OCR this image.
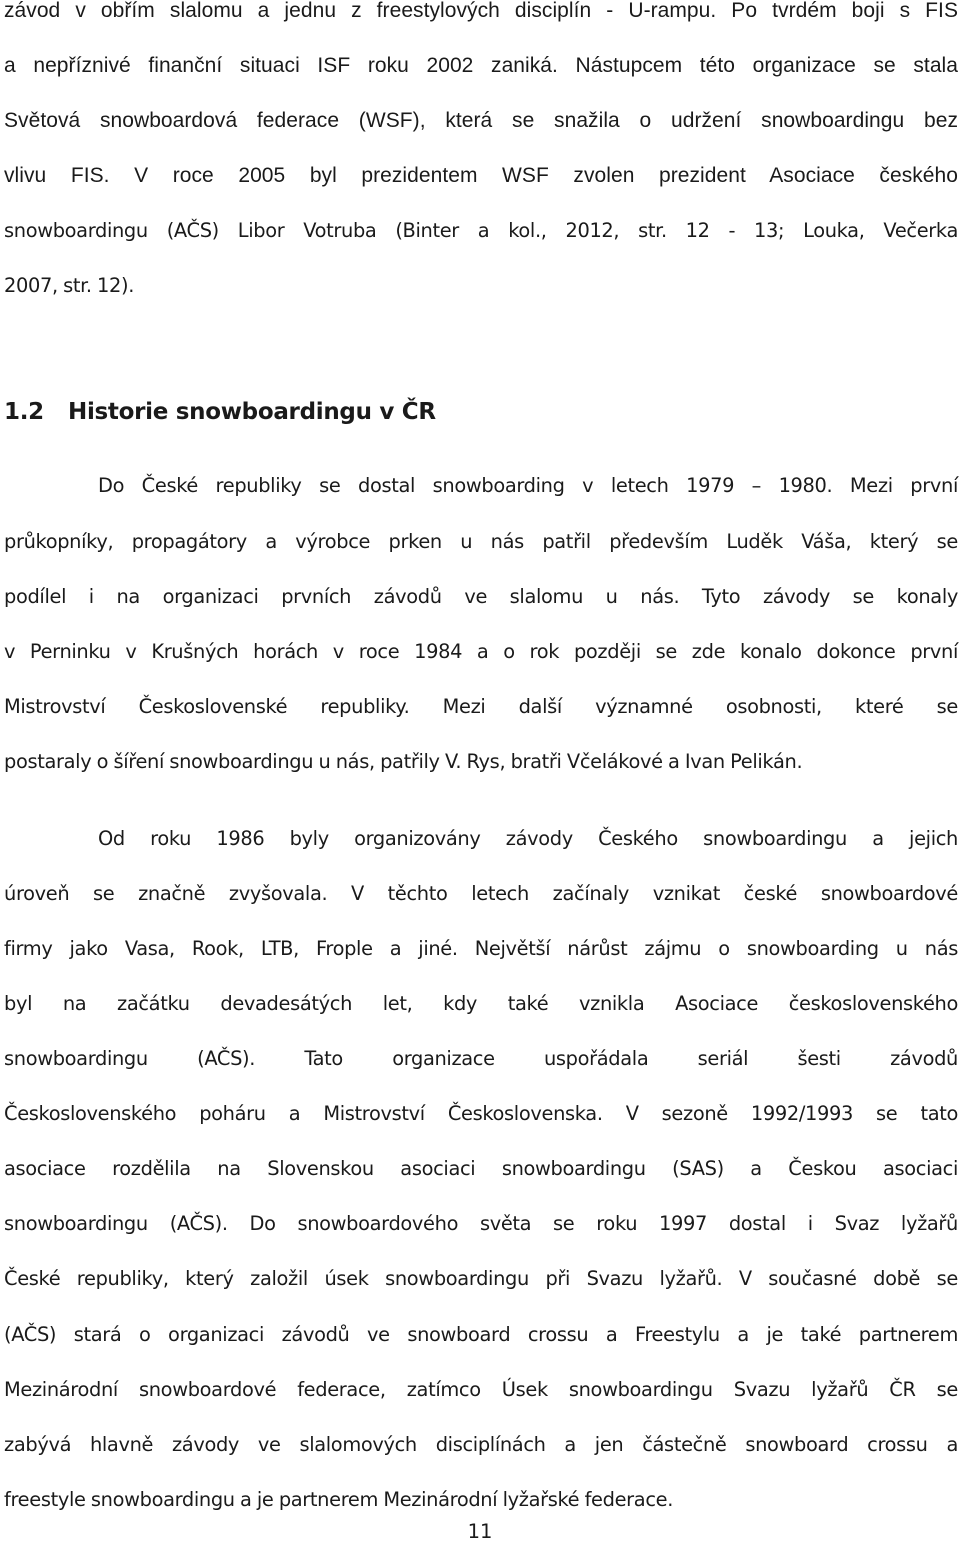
závod v obřím slalomu a jednu z freestylových disciplín - U-rampu. Po tvrdém boji s FIS
a nepříznivé finanční situaci ISF roku 2002 zaniká. Nástupcem této organizace se stala
Světová snowboardová federace (WSF), která se snažila o udržení snowboardingu bez
vlivu FIS. V roce 2005 byl prezidentem WSF zvolen prezident Asociace českého
snowboardingu (AČS) Libor Votruba (Binter a kol., 2012, str. 12 - 13; Louka, Večerka
2007, str. 12).
1.2 Historie snowboardingu v ČR
Do České republiky se dostal snowboarding v letech 1979 – 1980. Mezi první
průkopníky, propagátory a výrobce prken u nás patřil především Luděk Váša, který se
podílel i na organizaci prvních závodů ve slalomu u nás. Tyto závody se konaly
v Perninku v Krušných horách v roce 1984 a o rok později se zde konalo dokonce první
Mistrovství Československé republiky. Mezi další významné osobnosti, které se
postaraly o šíření snowboardingu u nás, patřily V. Rys, bratři Včelákové a Ivan Pelikán.
Od roku 1986 byly organizovány závody Českého snowboardingu a jejich
úroveň se značně zvyšovala. V těchto letech začínaly vznikat české snowboardové
firmy jako Vasa, Rook, LTB, Frople a jiné. Největší nárůst zájmu o snowboarding u nás
byl na začátku devadesátých let, kdy také vznikla Asociace československého
snowboardingu (AČS). Tato organizace uspořádala seriál šesti závodů
Československého poháru a Mistrovství Československa. V sezoně 1992/1993 se tato
asociace rozdělila na Slovenskou asociaci snowboardingu (SAS) a Českou asociaci
snowboardingu (AČS). Do snowboardového světa se roku 1997 dostal i Svaz lyžařů
České republiky, který založil úsek snowboardingu při Svazu lyžařů. V současné době se
(AČS) stará o organizaci závodů ve snowboard crossu a Freestylu a je také partnerem
Mezinárodní snowboardové federace, zatímco Úsek snowboardingu Svazu lyžařů ČR se
zabývá hlavně závody ve slalomových disciplínách a jen částečně snowboard crossu a
freestyle snowboardingu a je partnerem Mezinárodní lyžařské federace.
11
